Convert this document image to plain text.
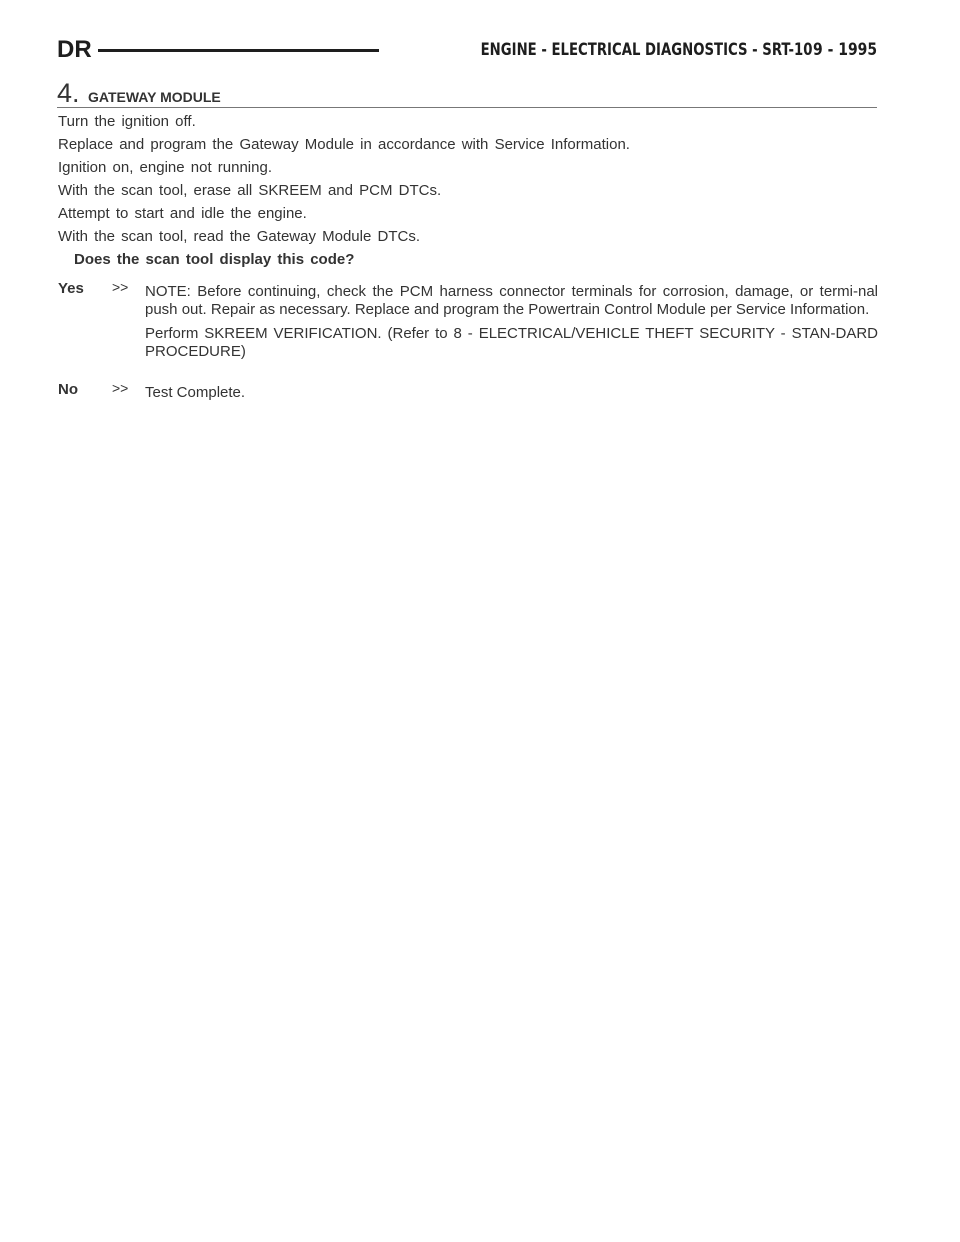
DR	ENGINE - ELECTRICAL DIAGNOSTICS - SRT-10 9 - 1995
4. GATEWAY MODULE
Turn the ignition off.
Replace and program the Gateway Module in accordance with Service Information.
Ignition on, engine not running.
With the scan tool, erase all SKREEM and PCM DTCs.
Attempt to start and idle the engine.
With the scan tool, read the Gateway Module DTCs.
Does the scan tool display this code?
Yes >> NOTE: Before continuing, check the PCM harness connector terminals for corrosion, damage, or termi-nal push out. Repair as necessary. Replace and program the Powertrain Control Module per Service Information.

Perform SKREEM VERIFICATION. (Refer to 8 - ELECTRICAL/VEHICLE THEFT SECURITY - STAN-DARD PROCEDURE)

No >> Test Complete.
